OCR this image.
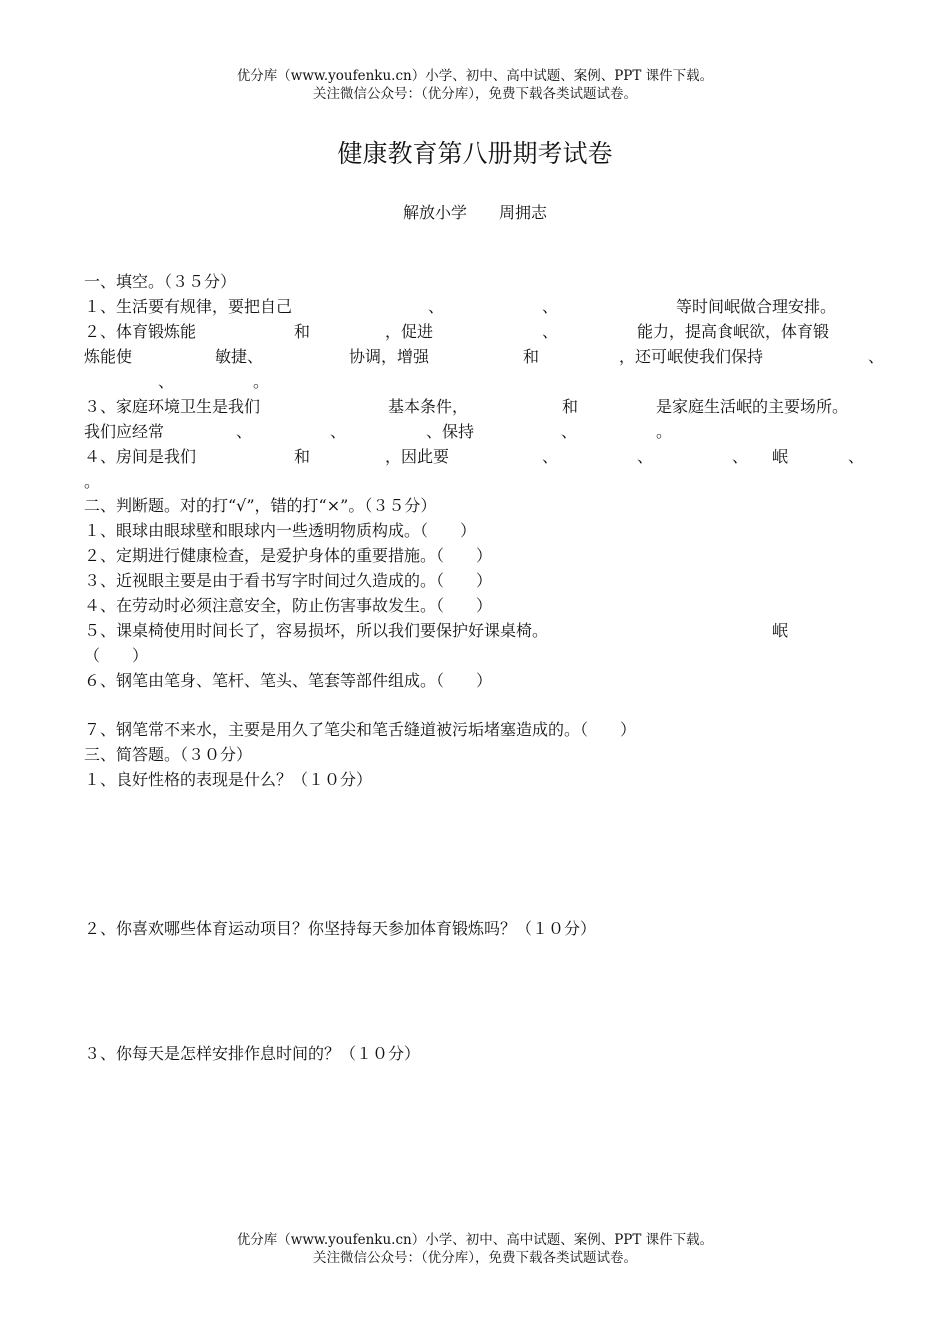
优分库（www.youfenku.cn）小学、初中、高中试题、案例、PPT 课件下载。
关注微信公众号：（优分库），免费下载各类试题试卷。
健康教育第八册期考试卷
解放小学　　周拥志
一、填空。（３５分）
１、生活要有规律，要把自己	、	、	等时间岷做合理安排。
２、体育锻炼能	和	，促进	、	能力，提高食岷欲，体育锻
炼能使	敏捷、	协调，增强	和	，还可岷使我们保持	、
、	。
３、家庭环境卫生是我们	基本条件，	和	是家庭生活岷的主要场所。
我们应经常	、	、	、保持	、	。
４、房间是我们	和	，因此要	、	、	、 岷	、
。
二、判断题。对的打“√”，错的打“×”。（３５分）
１、眼球由眼球壁和眼球内一些透明物质构成。（　　）
２、定期进行健康检查，是爱护身体的重要措施。（　　）
３、近视眼主要是由于看书写字时间过久造成的。（　　）
４、在劳动时必须注意安全，防止伤害事故发生。（　　）
５、课桌椅使用时间长了，容易损坏，所以我们要保护好课桌椅。	岷
（　　）
６、钢笔由笔身、笔杆、笔头、笔套等部件组成。（　　）
７、钢笔常不来水，主要是用久了笔尖和笔舌缝道被污垢堵塞造成的。（　　）
三、简答题。（３０分）
１、良好性格的表现是什么？（１０分）
２、你喜欢哪些体育运动项目？你坚持每天参加体育锻炼吗？（１０分）
３、你每天是怎样安排作息时间的？（１０分）
优分库（www.youfenku.cn）小学、初中、高中试题、案例、PPT 课件下载。
关注微信公众号：（优分库），免费下载各类试题试卷。
